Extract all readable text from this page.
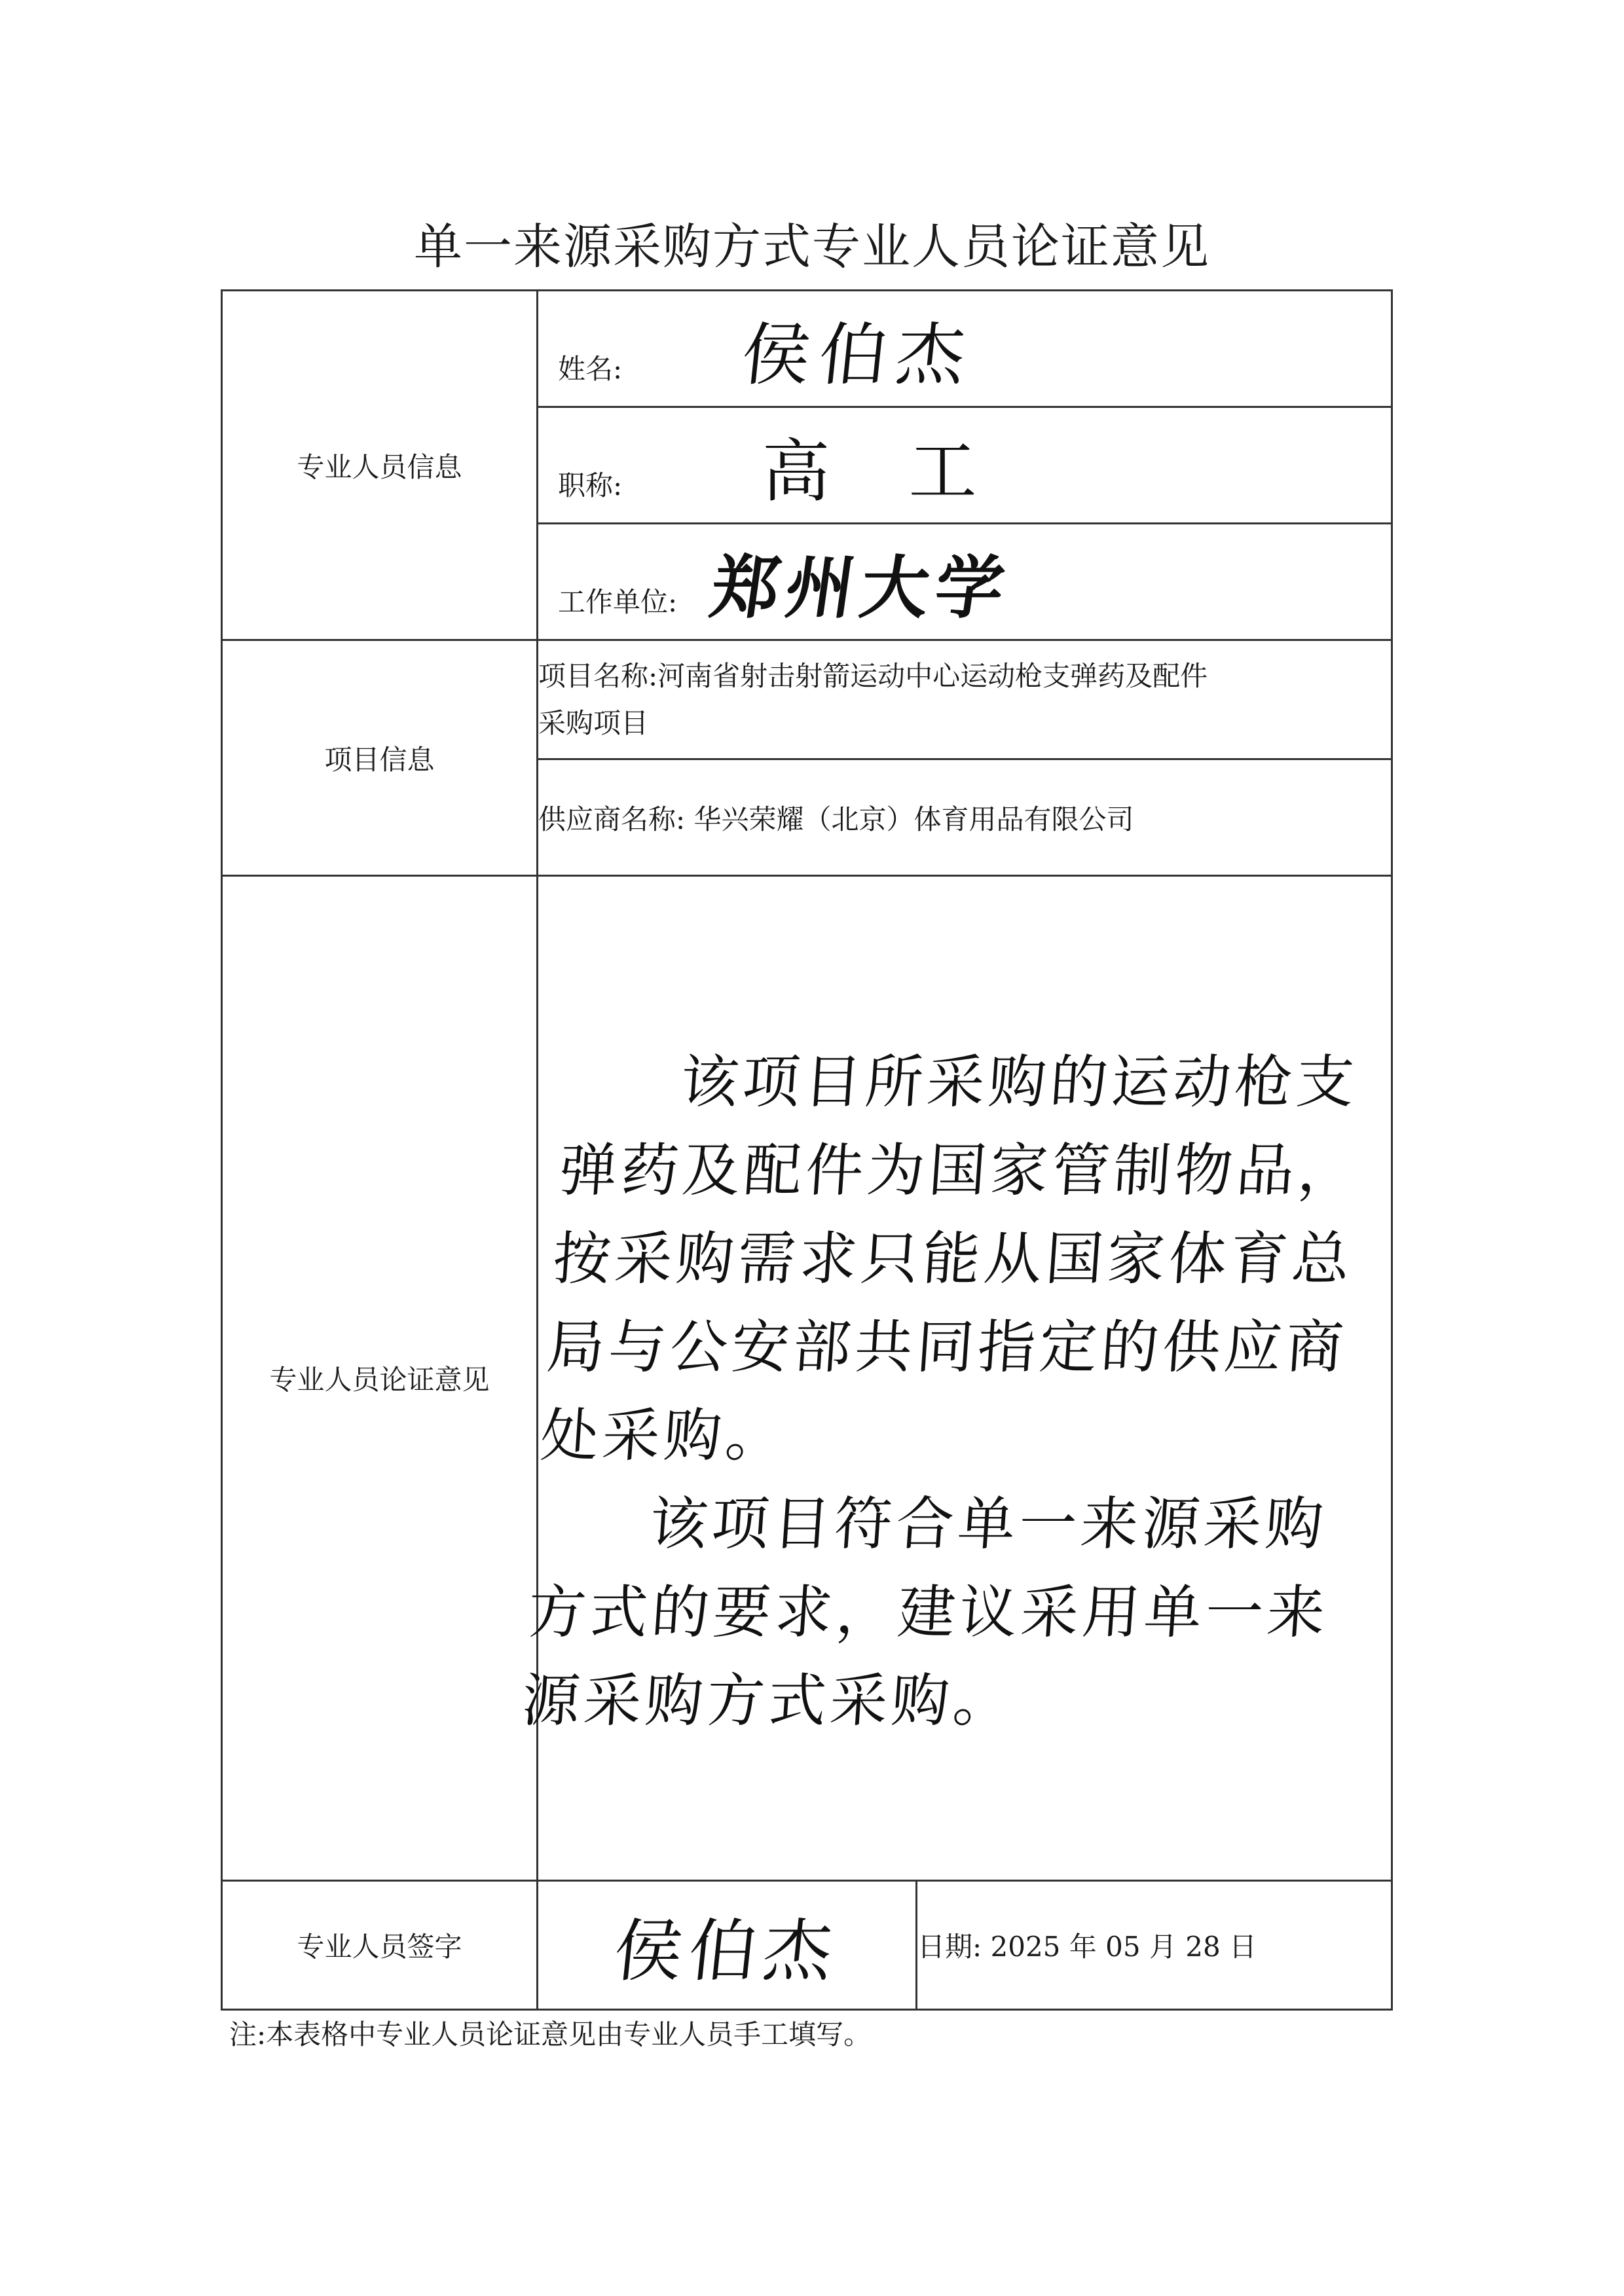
单一来源采购方式专业人员论证意见
专业人员信息	姓名: 侯伯杰	
	职称: 高工	
	工作单位: 郑州大学	
项目信息	项目名称:河南省射击射箭运动中心运动枪支弹药及配件
采购项目	

	供应商名称: 华兴荣耀（北京）体育用品有限公司	
专业人员论证意见	该项目所采购的运动枪支弹药及配件为国家管制物品，按采购需求只能从国家体育总局与公安部共同指定的供应商处采购。

该项目符合单一来源采购方式的要求，建议采用单一来源采购方式采购。	

专业人员签字	侯伯杰	日期: 2025 年 05 月 28 日
注:本表格中专业人员论证意见由专业人员手工填写。
